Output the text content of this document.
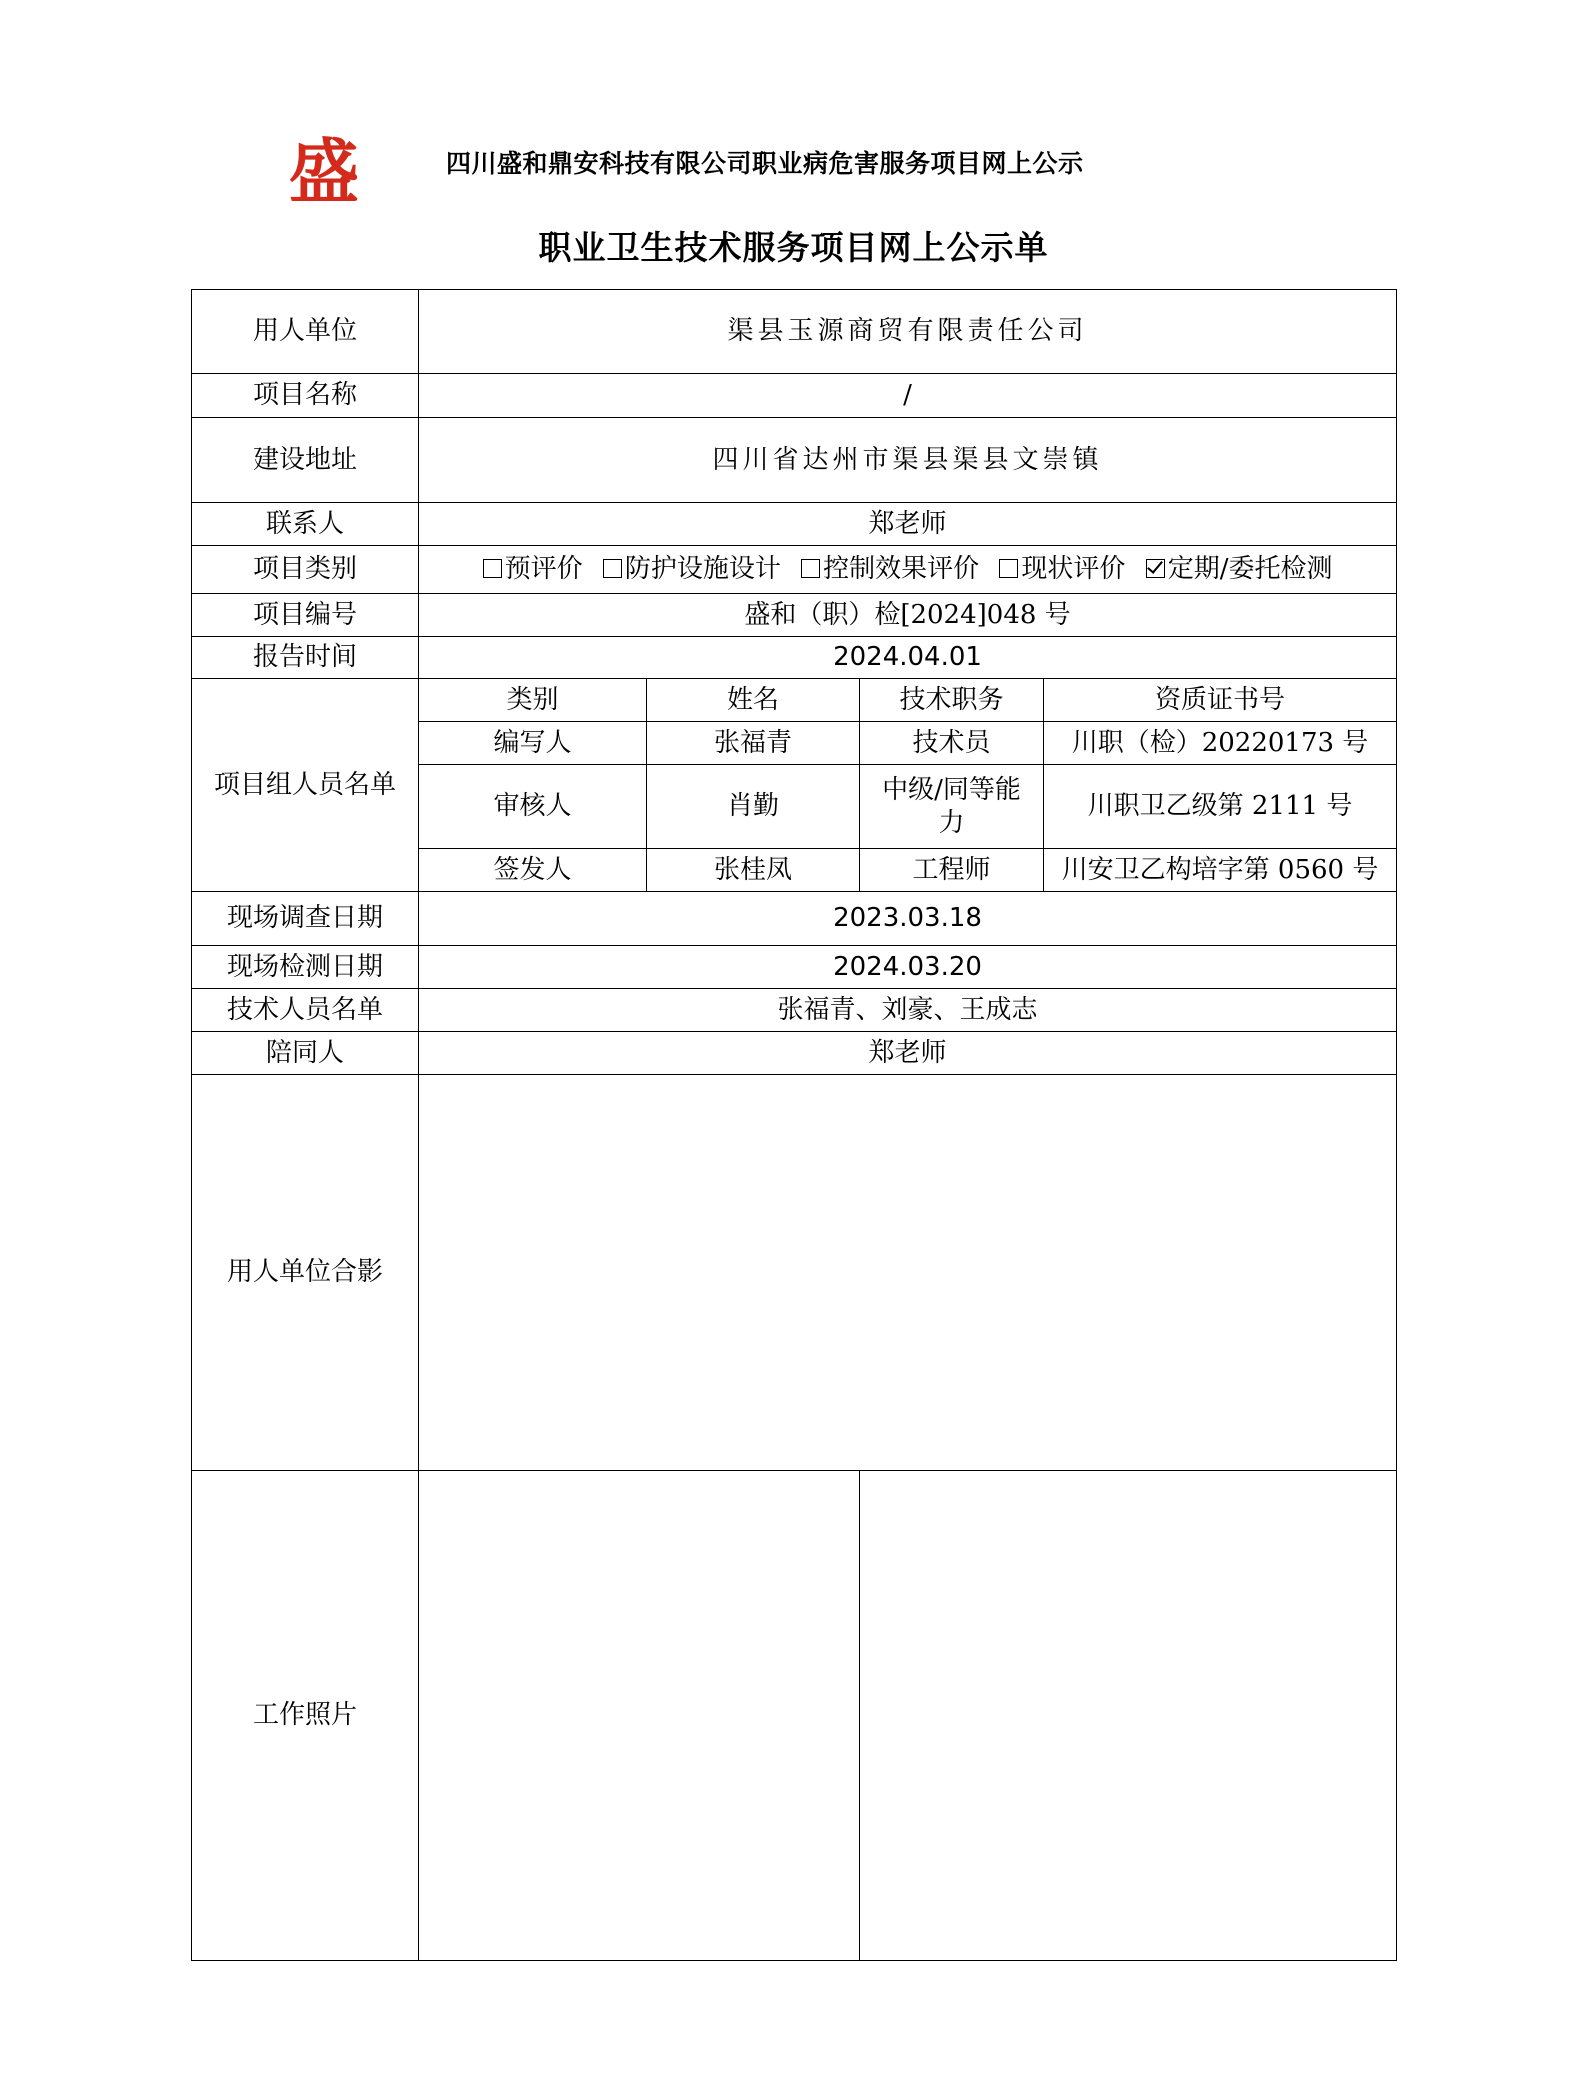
盛	四川盛和鼎安科技有限公司职业病危害服务项目网上公示
职业卫生技术服务项目网上公示单
用人单位	渠县玉源商贸有限责任公司			
项目名称	/			
建设地址	四川省达州市渠县渠县文崇镇			
联系人	郑老师			
项目类别	预评价 防护设施设计 控制效果评价 现状评价 定期/委托检测			
项目编号	盛和（职）检[2024]048 号			
报告时间	2024.04.01			
项目组人员名单	类别	姓名	技术职务	资质证书号
	编写人	张福青	技术员	川职（检）20220173 号
	审核人	肖勤	中级/同等能力	川职卫乙级第 2111 号
	签发人	张桂凤	工程师	川安卫乙构培字第 0560 号
现场调查日期	2023.03.18			
现场检测日期	2024.03.20			
技术人员名单	张福青、刘豪、王成志			
陪同人	郑老师			
用人单位合影				
工作照片				
